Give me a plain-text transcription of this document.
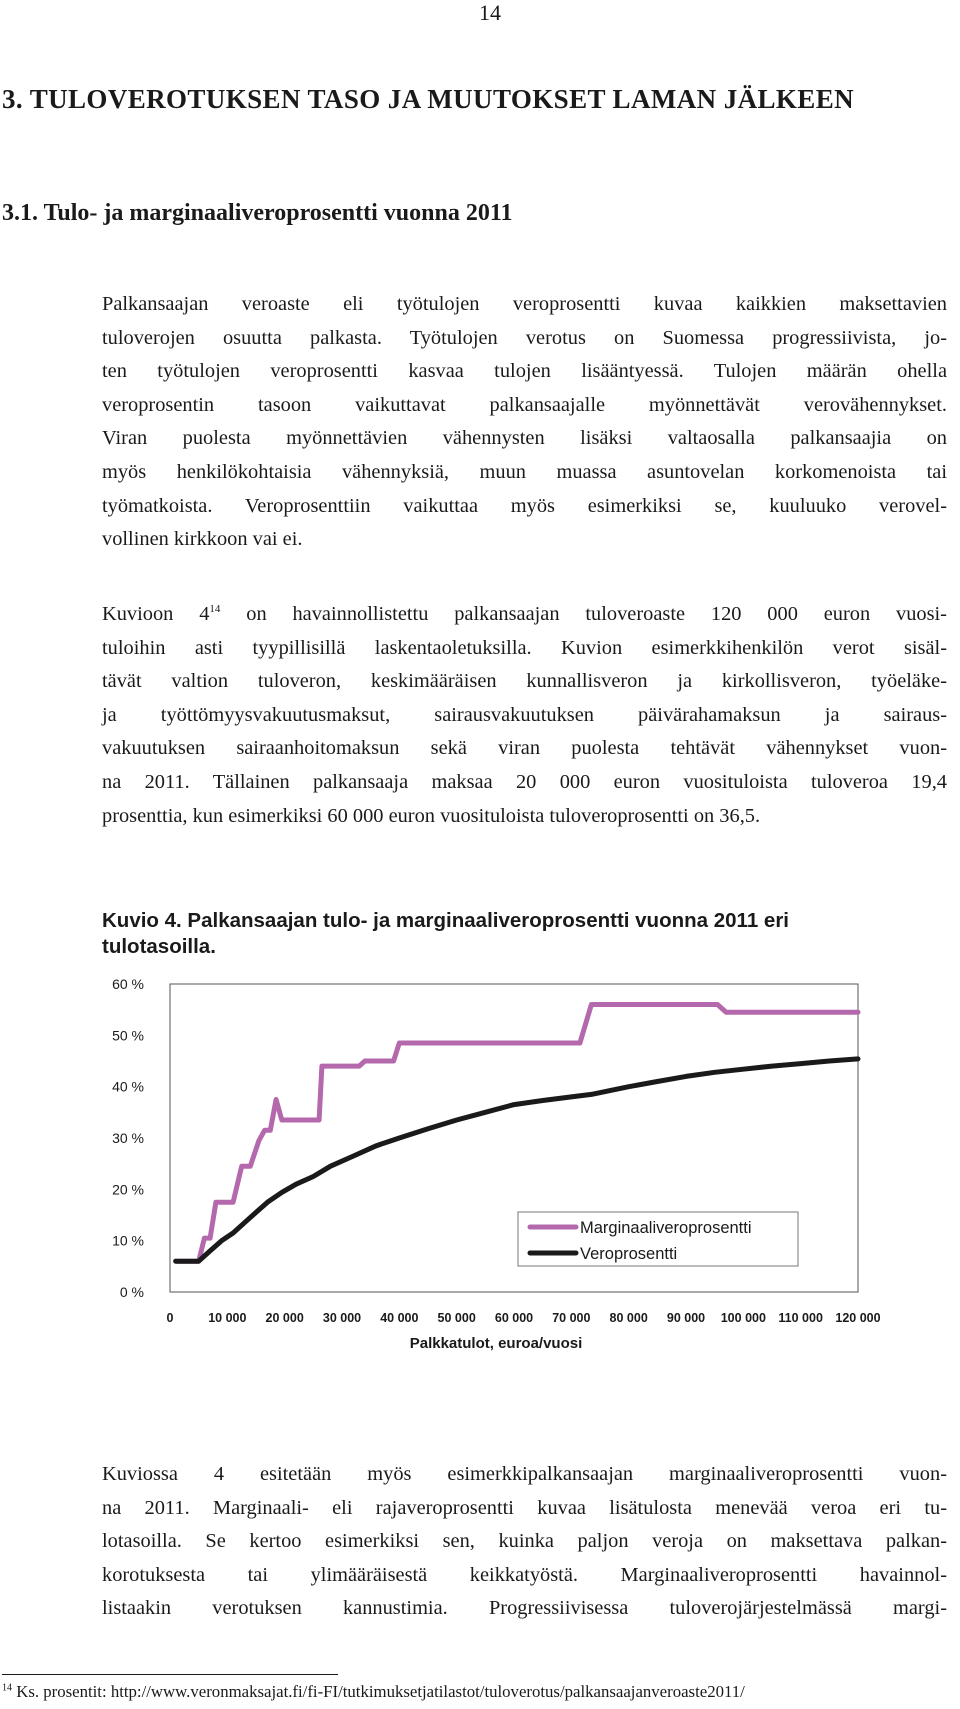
14
3. TULOVEROTUKSEN TASO JA MUUTOKSET LAMAN JÄLKEEN
3.1. Tulo- ja marginaaliveroprosentti vuonna 2011
Palkansaajan veroaste eli työtulojen veroprosentti kuvaa kaikkien maksettavien
tuloverojen osuutta palkasta. Työtulojen verotus on Suomessa progressiivista, jo-
ten työtulojen veroprosentti kasvaa tulojen lisääntyessä. Tulojen määrän ohella
veroprosentin tasoon vaikuttavat palkansaajalle myönnettävät verovähennykset.
Viran puolesta myönnettävien vähennysten lisäksi valtaosalla palkansaajia on
myös henkilökohtaisia vähennyksiä, muun muassa asuntovelan korkomenoista tai
työmatkoista. Veroprosenttiin vaikuttaa myös esimerkiksi se, kuuluuko verovel-
vollinen kirkkoon vai ei.
Kuvioon 4$^{14}$ on havainnollistettu palkansaajan tuloveroaste 120 000 euron vuosi-
tuloihin asti tyypillisillä laskentaoletuksilla. Kuvion esimerkkihenkilön verot sisäl-
tävät valtion tuloveron, keskimääräisen kunnallisveron ja kirkollisveron, työeläke-
ja työttömyysvakuutusmaksut, sairausvakuutuksen päivärahamaksun ja sairaus-
vakuutuksen sairaanhoitomaksun sekä viran puolesta tehtävät vähennykset vuon-
na 2011. Tällainen palkansaaja maksaa 20 000 euron vuosituloista tuloveroa 19,4
prosenttia, kun esimerkiksi 60 000 euron vuosituloista tuloveroprosentti on 36,5.
Kuvio 4. Palkansaajan tulo- ja marginaaliveroprosentti vuonna 2011 eri tulotasoilla.
0 %
10 %
20 %
30 %
40 %
50 %
60 %
0	10 000 20 000 30 000 40 000 50 000 60 000 70 000 80 000 90 000 100 000 110 000 120 000
Palkkatulot, euroa/vuosi
Marginaaliveroprosentti
Veroprosentti
Kuviossa 4 esitetään myös esimerkkipalkansaajan marginaaliveroprosentti vuon-
na 2011. Marginaali- eli rajaveroprosentti kuvaa lisätulosta menevää veroa eri tu-
lotasoilla. Se kertoo esimerkiksi sen, kuinka paljon veroja on maksettava palkan-
korotuksesta tai ylimääräisestä keikkatyöstä. Marginaaliveroprosentti havainnol-
listaakin verotuksen kannustimia. Progressiivisessa tuloverojärjestelmässä margi-
$^{14}$ Ks. prosentit: http://www.veronmaksajat.fi/fi-FI/tutkimuksetjatilastot/tuloverotus/palkansaajanveroaste2011/
